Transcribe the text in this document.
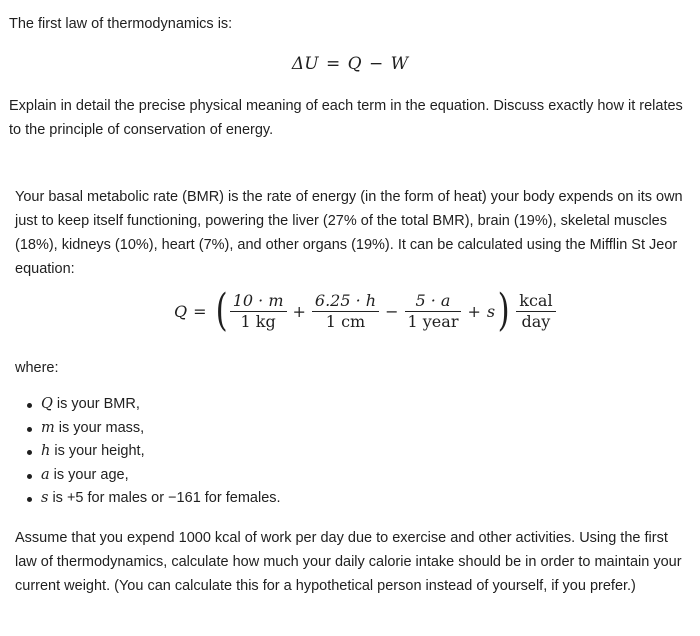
The first law of thermodynamics is:
ΔU = Q − W
Explain in detail the precise physical meaning of each term in the equation. Discuss exactly how it relates to the principle of conservation of energy.
Your basal metabolic rate (BMR) is the rate of energy (in the form of heat) your body expends on its own just to keep itself functioning, powering the liver (27% of the total BMR), brain (19%), skeletal muscles (18%), kidneys (10%), heart (7%), and other organs (19%). It can be calculated using the Mifflin St Jeor equation:
Q = ( $\frac{10 \cdot m}{1 kg} + \frac{6.25 \cdot h}{1 cm} - \frac{5 \cdot a}{\text{1 year}} + s$ ) $\frac{\text{kcal}}{\text{day}}$
where:
Q is your BMR,
m is your mass,
h is your height,
a is your age,
s is +5 for males or −161 for females.
Assume that you expend 1000 kcal of work per day due to exercise and other activities. Using the first law of thermodynamics, calculate how much your daily calorie intake should be in order to maintain your current weight. (You can calculate this for a hypothetical person instead of yourself, if you prefer.)
